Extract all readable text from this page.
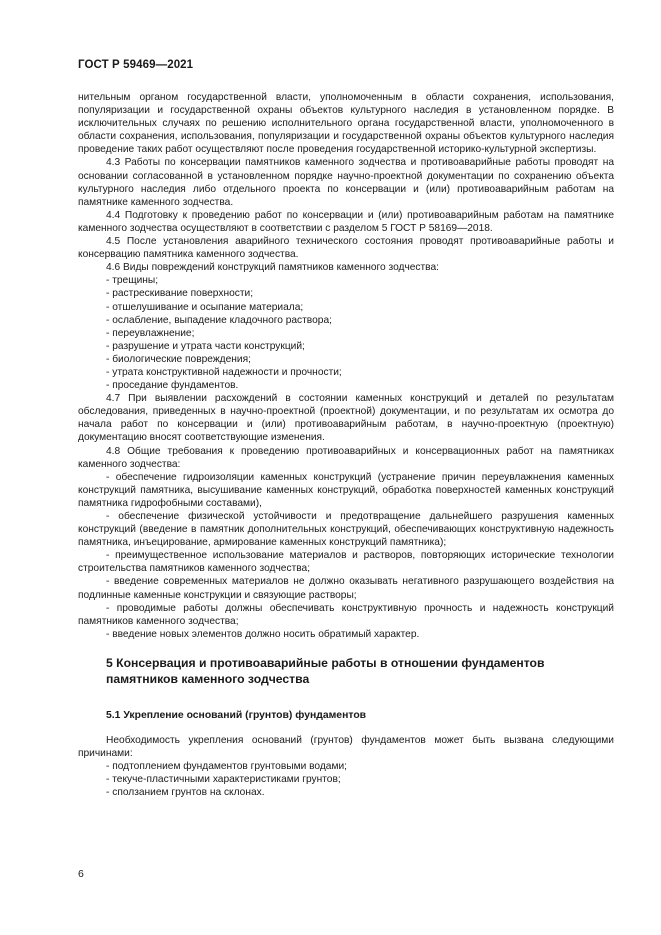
ГОСТ Р 59469—2021

нительным органом государственной власти, уполномоченным в области сохранения, использования, популяризации и государственной охраны объектов культурного наследия в установленном порядке. В исключительных случаях по решению исполнительного органа государственной власти, уполномоченного в области сохранения, использования, популяризации и государственной охраны объектов культурного наследия проведение таких работ осуществляют после проведения государственной историко-культурной экспертизы.

4.3 Работы по консервации памятников каменного зодчества и противоаварийные работы проводят на основании согласованной в установленном порядке научно-проектной документации по сохранению объекта культурного наследия либо отдельного проекта по консервации и (или) противоаварийным работам на памятнике каменного зодчества.

4.4 Подготовку к проведению работ по консервации и (или) противоаварийным работам на памятнике каменного зодчества осуществляют в соответствии с разделом 5 ГОСТ Р 58169—2018.

4.5 После установления аварийного технического состояния проводят противоаварийные работы и консервацию памятника каменного зодчества.

4.6 Виды повреждений конструкций памятников каменного зодчества:

- трещины;

- растрескивание поверхности;

- отшелушивание и осыпание материала;

- ослабление, выпадение кладочного раствора;

- переувлажнение;

- разрушение и утрата части конструкций;

- биологические повреждения;

- утрата конструктивной надежности и прочности;

- проседание фундаментов.

4.7 При выявлении расхождений в состоянии каменных конструкций и деталей по результатам обследования, приведенных в научно-проектной (проектной) документации, и по результатам их осмотра до начала работ по консервации и (или) противоаварийным работам, в научно-проектную (проектную) документацию вносят соответствующие изменения.

4.8 Общие требования к проведению противоаварийных и консервационных работ на памятниках каменного зодчества:

- обеспечение гидроизоляции каменных конструкций (устранение причин переувлажнения каменных конструкций памятника, высушивание каменных конструкций, обработка поверхностей каменных конструкций памятника гидрофобными составами),

- обеспечение физической устойчивости и предотвращение дальнейшего разрушения каменных конструкций (введение в памятник дополнительных конструкций, обеспечивающих конструктивную надежность памятника, инъецирование, армирование каменных конструкций памятника);

- преимущественное использование материалов и растворов, повторяющих исторические технологии строительства памятников каменного зодчества;

- введение современных материалов не должно оказывать негативного разрушающего воздействия на подлинные каменные конструкции и связующие растворы;

- проводимые работы должны обеспечивать конструктивную прочность и надежность конструкций памятников каменного зодчества;

- введение новых элементов должно носить обратимый характер.

5 Консервация и противоаварийные работы в отношении фундаментов

памятников каменного зодчества

5.1 Укрепление оснований (грунтов) фундаментов

Необходимость укрепления оснований (грунтов) фундаментов может быть вызвана следующими причинами:

- подтоплением фундаментов грунтовыми водами;

- текуче-пластичными характеристиками грунтов;

- сползанием грунтов на склонах.

6
